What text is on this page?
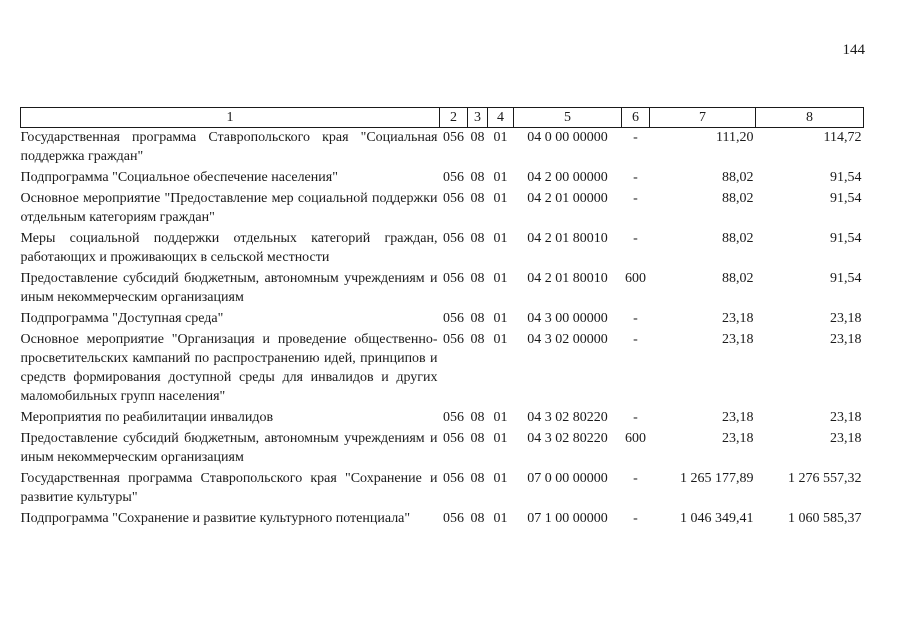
144
1	2	3	4	5	6	7	8
Государственная программа Ставропольского края "Социальная поддержка граждан"	056	08	01	04 0 00 00000	-	111,20	114,72
Подпрограмма "Социальное обеспечение населения"	056	08	01	04 2 00 00000	-	88,02	91,54
Основное мероприятие "Предоставление мер социальной поддержки отдельным категориям граждан"	056	08	01	04 2 01 00000	-	88,02	91,54
Меры социальной поддержки отдельных категорий граждан, работающих и проживающих в сельской местности	056	08	01	04 2 01 80010	-	88,02	91,54
Предоставление субсидий бюджетным, автономным учреждениям и иным некоммерческим организациям	056	08	01	04 2 01 80010	600	88,02	91,54
Подпрограмма "Доступная среда"	056	08	01	04 3 00 00000	-	23,18	23,18
Основное мероприятие "Организация и проведение общественно-просветительских кампаний по распространению идей, принципов и средств формирования доступной среды для инвалидов и других маломобильных групп населения"	056	08	01	04 3 02 00000	-	23,18	23,18
Мероприятия по реабилитации инвалидов	056	08	01	04 3 02 80220	-	23,18	23,18
Предоставление субсидий бюджетным, автономным учреждениям и иным некоммерческим организациям	056	08	01	04 3 02 80220	600	23,18	23,18
Государственная программа Ставропольского края "Сохранение и развитие культуры"	056	08	01	07 0 00 00000	-	1 265 177,89	1 276 557,32
Подпрограмма "Сохранение и развитие культурного потенциала"	056	08	01	07 1 00 00000	-	1 046 349,41	1 060 585,37
